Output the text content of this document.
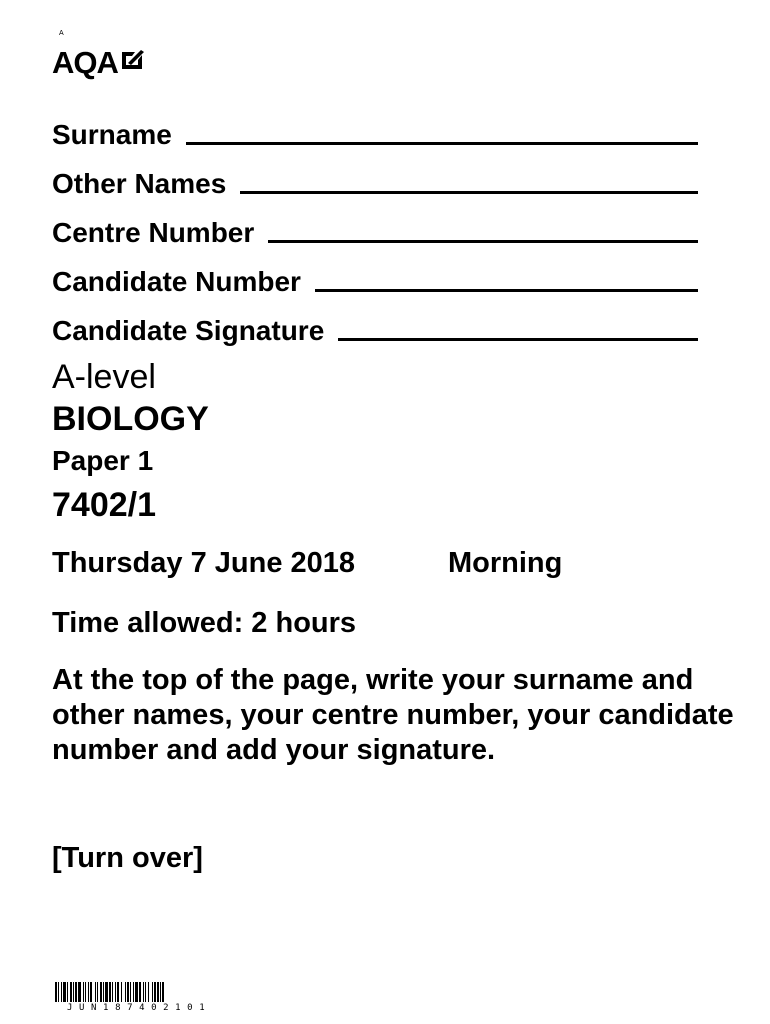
A
AQA
Surname
Other Names
Centre Number
Candidate Number
Candidate Signature
A-level
BIOLOGY
Paper 1
7402/1
Thursday 7 June 2018	Morning
Time allowed: 2 hours
At the top of the page, write your surname and other names, your centre number, your candidate number and add your signature.
[Turn over]
JUN187402101
